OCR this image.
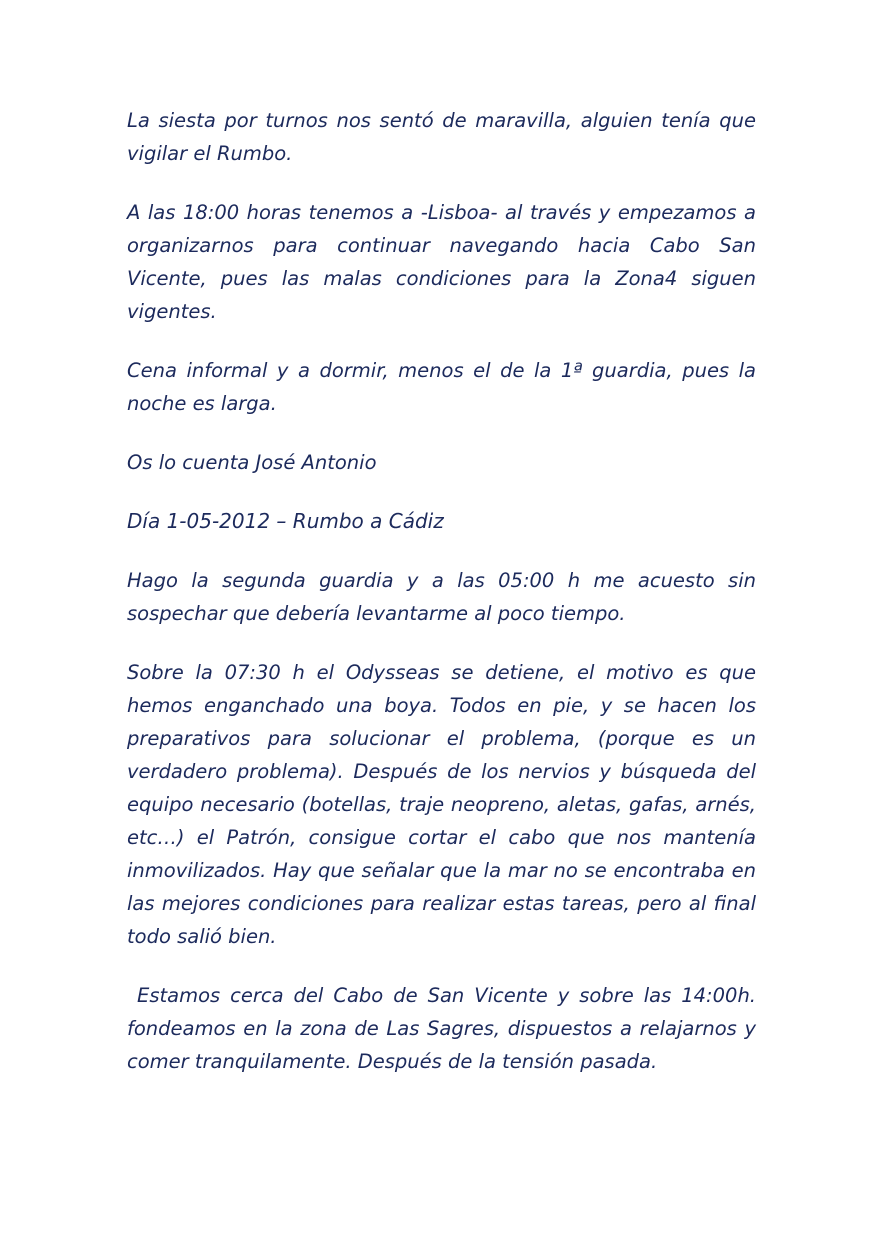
La siesta por turnos nos sentó de maravilla, alguien tenía que vigilar el Rumbo.

A las 18:00 horas tenemos a -Lisboa- al través y empezamos a organizarnos para continuar navegando hacia Cabo San Vicente, pues las malas condiciones para la Zona4 siguen vigentes.

Cena informal y a dormir, menos el de la 1ª guardia, pues la noche es larga.

Os lo cuenta José Antonio

Día 1-05-2012 – Rumbo a Cádiz

Hago la segunda guardia y a las 05:00 h me acuesto sin sospechar que debería levantarme al poco tiempo.

Sobre la 07:30 h el Odysseas se detiene, el motivo es que hemos enganchado una boya. Todos en pie, y se hacen los preparativos para solucionar el problema, (porque es un verdadero problema). Después de los nervios y búsqueda del equipo necesario (botellas, traje neopreno, aletas, gafas, arnés, etc…) el Patrón, consigue cortar el cabo que nos mantenía inmovilizados. Hay que señalar que la mar no se encontraba en las mejores condiciones para realizar estas tareas, pero al final todo salió bien.

Estamos cerca del Cabo de San Vicente y sobre las 14:00h.  fondeamos en la zona de Las Sagres, dispuestos a relajarnos y comer tranquilamente. Después de la tensión pasada.
